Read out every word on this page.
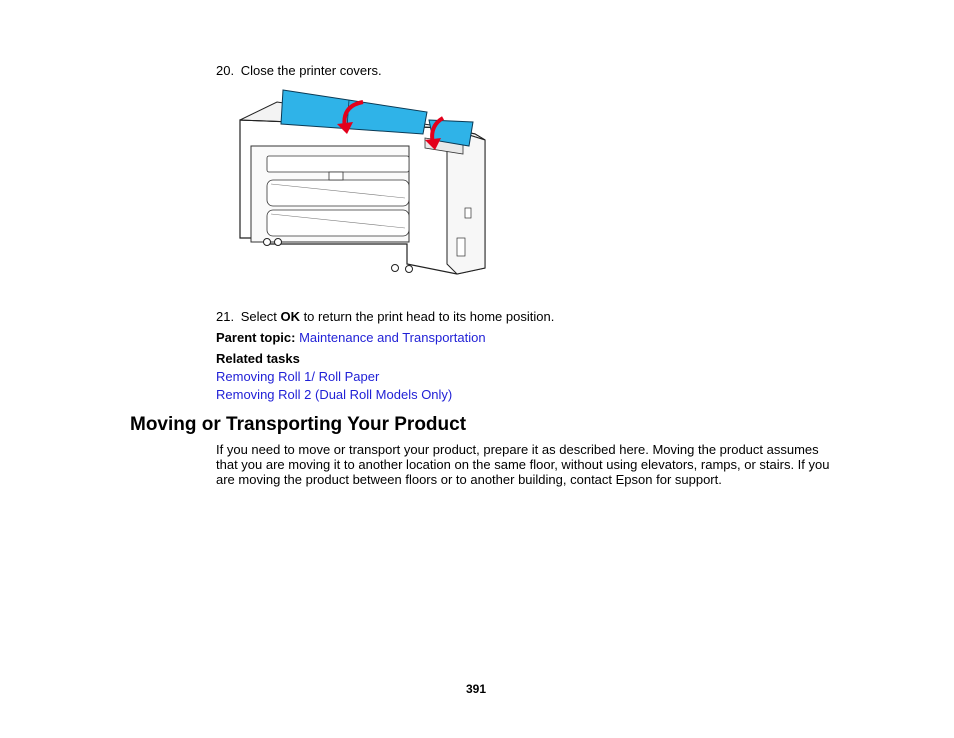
20. Close the printer covers.
21. Select OK to return the print head to its home position.
Parent topic: Maintenance and Transportation
Related tasks
Removing Roll 1/ Roll Paper
Removing Roll 2 (Dual Roll Models Only)
Moving or Transporting Your Product
If you need to move or transport your product, prepare it as described here. Moving the product assumes that you are moving it to another location on the same floor, without using elevators, ramps, or stairs. If you are moving the product between floors or to another building, contact Epson for support.
391
